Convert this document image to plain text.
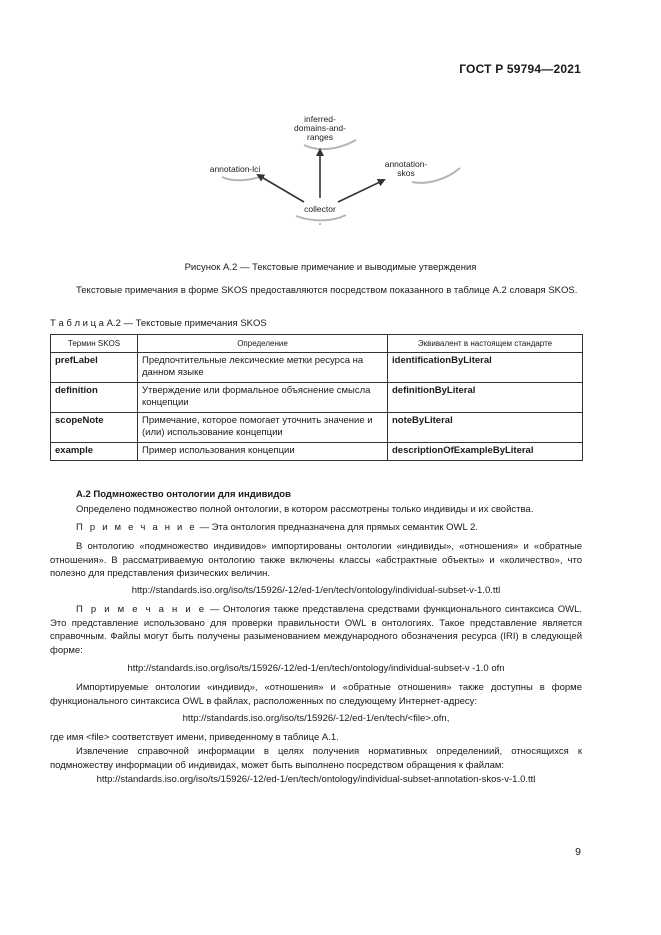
ГОСТ Р 59794—2021
inferred-
domains-and-
ranges
annotation-lci	annotation-
skos
collector
Рисунок А.2 — Текстовые примечание и выводимые утверждения
Текстовые примечания в форме SKOS предоставляются посредством показанного в таблице А.2 словаря SKOS.
Т а б л и ц а А.2 — Текстовые примечания SKOS
Термин SKOS	Определение	Эквивалент в настоящем стандарте
prefLabel	Предпочтительные лексические метки ресурса на данном языке	identificationByLiteral
definition	Утверждение или формальное объяснение смысла концепции	definitionByLiteral
scopeNote	Примечание, которое помогает уточнить значение и (или) использование концепции	noteByLiteral
example	Пример использования концепции	descriptionOfExampleByLiteral
А.2 Подмножество онтологии для индивидов
Определено подмножество полной онтологии, в котором рассмотрены только индивиды и их свойства.
П р и м е ч а н и е — Эта онтология предназначена для прямых семантик OWL 2.
В онтологию «подмножество индивидов» импортированы онтологии «индивиды», «отношения» и «обратные отношения». В рассматриваемую онтологию также включены классы «абстрактные объекты» и «количество», что полезно для представления физических величин.
http://standards.iso.org/iso/ts/15926/-12/ed-1/en/tech/ontology/individual-subset-v-1.0.ttl
П р и м е ч а н и е — Онтология также представлена средствами функционального синтаксиса OWL. Это представление использовано для проверки правильности OWL в онтологиях. Такое представление является справочным. Файлы могут быть получены разыменованием международного обозначения ресурса (IRI) в следующей форме:
http://standards.iso.org/iso/ts/15926/-12/ed-1/en/tech/ontology/individual-subset-v -1.0 ofn
Импортируемые онтологии «индивид», «отношения» и «обратные отношения» также доступны в форме функционального синтаксиса OWL в файлах, расположенных по следующему Интернет-адресу:
http://standards.iso.org/iso/ts/15926/-12/ed-1/en/tech/<file>.ofn,
где имя <file> соответствует имени, приведенному в таблице А.1.
Извлечение справочной информации в целях получения нормативных определениий, относящихся к подмножеству информации об индивидах, может быть выполнено посредством обращения к файлам:
http://standards.iso.org/iso/ts/15926/-12/ed-1/en/tech/ontology/individual-subset-annotation-skos-v-1.0.ttl
9
